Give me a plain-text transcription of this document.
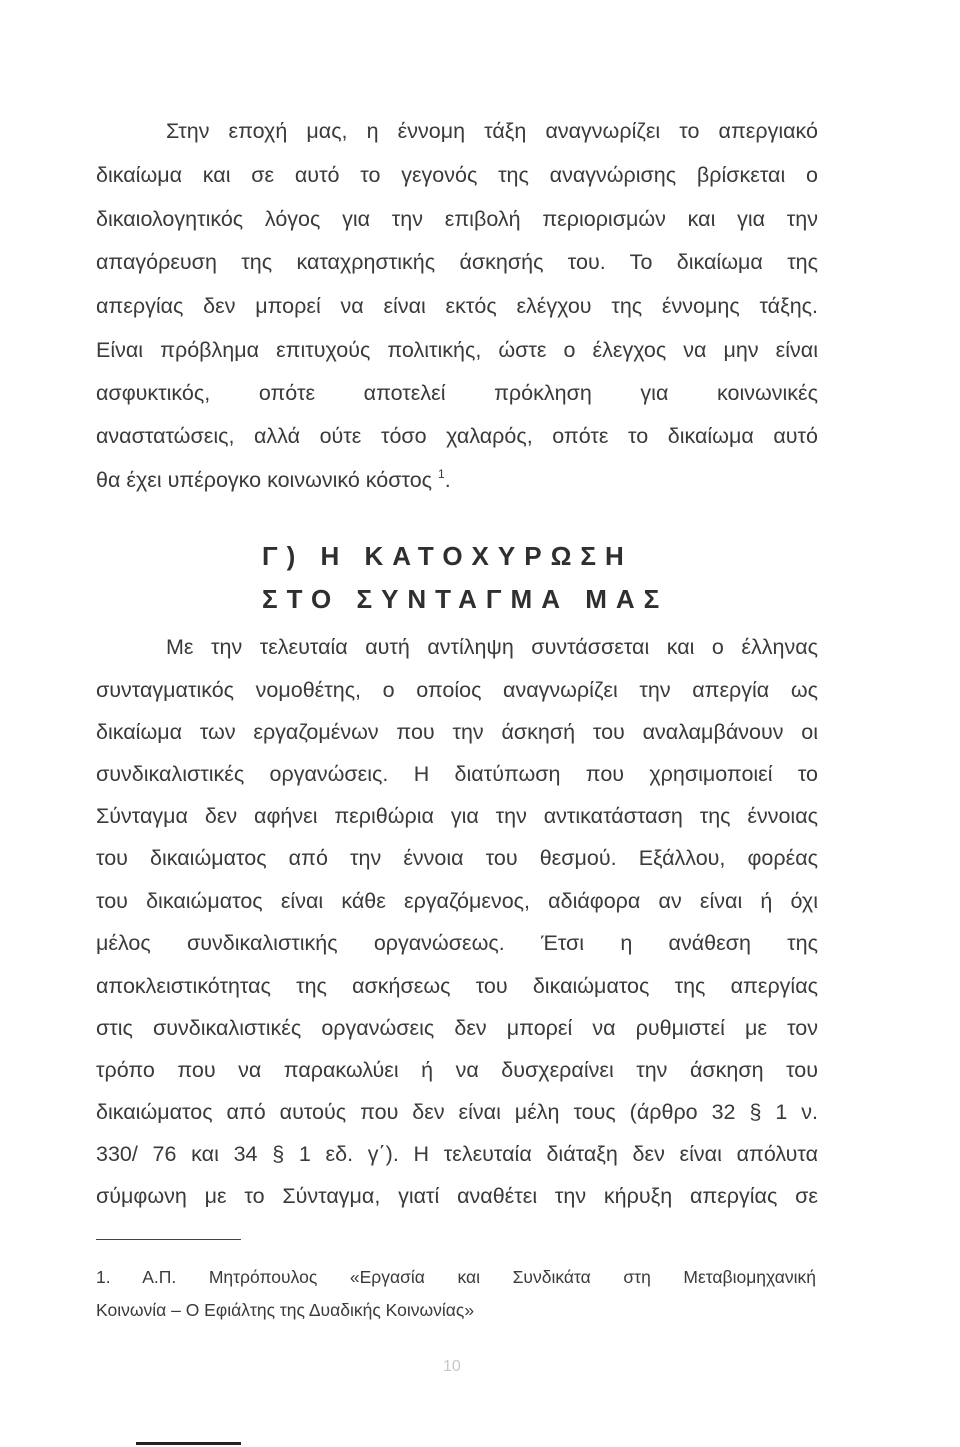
Στην εποχή μας, η έννομη τάξη αναγνωρίζει το απεργιακό
δικαίωμα και σε αυτό το γεγονός της αναγνώρισης βρίσκεται ο
δικαιολογητικός λόγος για την επιβολή περιορισμών και για την
απαγόρευση της καταχρηστικής άσκησής του. Το δικαίωμα της
απεργίας δεν μπορεί να είναι εκτός ελέγχου της έννομης τάξης.
Είναι πρόβλημα επιτυχούς πολιτικής, ώστε ο έλεγχος να μην είναι
ασφυκτικός, οπότε αποτελεί πρόκληση για κοινωνικές
αναστατώσεις, αλλά ούτε τόσο χαλαρός, οπότε το δικαίωμα αυτό
θα έχει υπέρογκο κοινωνικό κόστος $^1$.
Γ) Η ΚΑΤΟΧΥΡΩΣΗ
ΣΤΟ ΣΥΝΤΑΓΜΑ ΜΑΣ
Με την τελευταία αυτή αντίληψη συντάσσεται και ο έλληνας
συνταγματικός νομοθέτης, ο οποίος αναγνωρίζει την απεργία ως
δικαίωμα των εργαζομένων που την άσκησή του αναλαμβάνουν οι
συνδικαλιστικές οργανώσεις. Η διατύπωση που χρησιμοποιεί το
Σύνταγμα δεν αφήνει περιθώρια για την αντικατάσταση της έννοιας
του δικαιώματος από την έννοια του θεσμού. Εξάλλου, φορέας
του δικαιώματος είναι κάθε εργαζόμενος, αδιάφορα αν είναι ή όχι
μέλος συνδικαλιστικής οργανώσεως. Έτσι η ανάθεση της
αποκλειστικότητας της ασκήσεως του δικαιώματος της απεργίας
στις συνδικαλιστικές οργανώσεις δεν μπορεί να ρυθμιστεί με τον
τρόπο που να παρακωλύει ή να δυσχεραίνει την άσκηση του
δικαιώματος από αυτούς που δεν είναι μέλη τους (άρθρο 32 § 1 ν.
330/ 76 και 34 § 1 εδ. γ΄). Η τελευταία διάταξη δεν είναι απόλυτα
σύμφωνη με το Σύνταγμα, γιατί αναθέτει την κήρυξη απεργίας σε
1. Α.Π. Μητρόπουλος «Εργασία και Συνδικάτα στη Μεταβιομηχανική
Κοινωνία – Ο Εφιάλτης της Δυαδικής Κοινωνίας»
10
